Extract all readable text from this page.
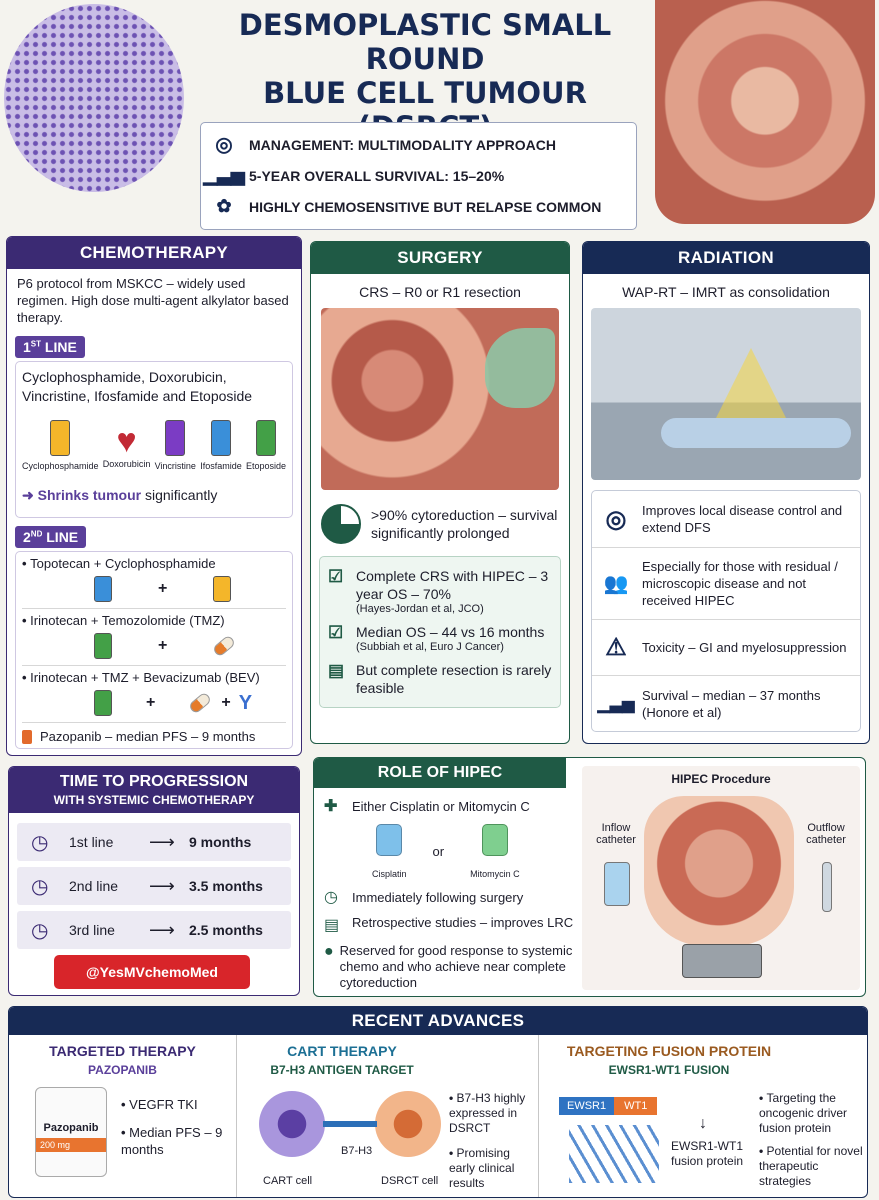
DESMOPLASTIC SMALL ROUND
BLUE CELL TUMOUR
◎	MANAGEMENT: MULTIMODALITY APPROACH
▁▃▅ 5-YEAR OVERALL SURVIVAL: 15–20%
✿	HIGHLY CHEMOSENSITIVE BUT RELAPSE COMMON
CHEMOTHERAPY
P6 protocol from MSKCC – widely used regimen. High dose multi-agent alkylator based therapy.
1ST LINE
Cyclophosphamide, Doxorubicin, Vincristine, Ifosfamide and Etoposide
Cyclophosphamide
♥
Doxorubicin Vincristine Ifosfamide Etoposide
➜ Shrinks tumour significantly
2ND LINE
• Topotecan + Cyclophosphamide
+
• Irinotecan + Temozolomide (TMZ)
+
• Irinotecan + TMZ + Bevacizumab (BEV)
+	+ Y
Pazopanib – median PFS – 9 months
SURGERY
CRS – R0 or R1 resection
>90% cytoreduction – survival significantly prolonged
☑ Complete CRS with HIPEC – 3 year OS – 70%
(Hayes-Jordan et al, JCO)
☑ Median OS – 44 vs 16 months
(Subbiah et al, Euro J Cancer)
▤ But complete resection is rarely feasible
RADIATION
WAP-RT – IMRT as consolidation
◎ Improves local disease control and extend DFS
👥
Especially for those with residual / microscopic disease and not received HIPEC
⚠ Toxicity – GI and myelosuppression
▁▃▅
Survival – median – 37 months (Honore et al)
TIME TO PROGRESSION
WITH SYSTEMIC CHEMOTHERAPY
◷	1st line	⟶	9 months
◷	2nd line	⟶	3.5 months
◷	3rd line	⟶	2.5 months
@YesMVchemoMed
ROLE OF HIPEC
✚	Either Cisplatin or Mitomycin C
Cisplatin
or
Mitomycin C
◷	Immediately following surgery
▤ Retrospective studies – improves LRC
● Reserved for good response to systemic chemo and who achieve near complete cytoreduction
HIPEC Procedure
Inflow catheter
Outflow catheter
RECENT ADVANCES
TARGETED THERAPY
PAZOPANIB
Pazopanib
200 mg
• VEGFR TKI
• Median PFS – 9 months
CART THERAPY
B7-H3 ANTIGEN TARGET
CART cell
B7-H3
DSRCT cell
• B7-H3 highly expressed in DSRCT
• Promising early clinical results
TARGETING FUSION PROTEIN
EWSR1-WT1 FUSION
EWSR1	WT1
↓
EWSR1-WT1 fusion protein
• Targeting the oncogenic driver fusion protein
• Potential for novel therapeutic strategies
